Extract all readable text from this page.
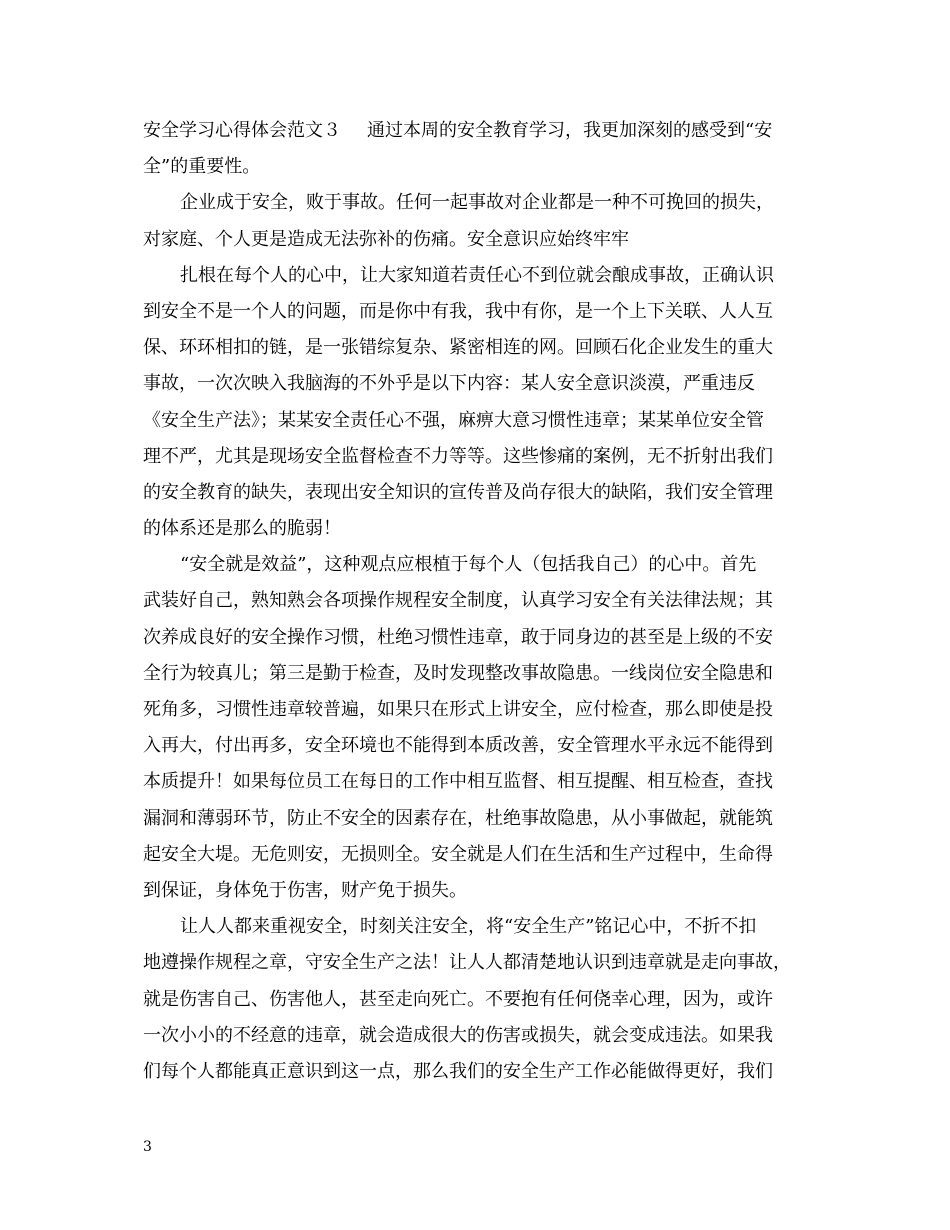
安全学习心得体会范文３ 通过本周的安全教育学习，我更加深刻的感受到“安
全”的重要性。
企业成于安全，败于事故。任何一起事故对企业都是一种不可挽回的损失，
对家庭、个人更是造成无法弥补的伤痛。安全意识应始终牢牢
扎根在每个人的心中，让大家知道若责任心不到位就会酿成事故，正确认识
到安全不是一个人的问题，而是你中有我，我中有你，是一个上下关联、人人互
保、环环相扣的链，是一张错综复杂、紧密相连的网。回顾石化企业发生的重大
事故，一次次映入我脑海的不外乎是以下内容：某人安全意识淡漠，严重违反
《安全生产法》；某某安全责任心不强，麻痹大意习惯性违章；某某单位安全管
理不严，尤其是现场安全监督检查不力等等。这些惨痛的案例，无不折射出我们
的安全教育的缺失，表现出安全知识的宣传普及尚存很大的缺陷，我们安全管理
的体系还是那么的脆弱！
“安全就是效益”，这种观点应根植于每个人（包括我自己）的心中。首先
武装好自己，熟知熟会各项操作规程安全制度，认真学习安全有关法律法规；其
次养成良好的安全操作习惯，杜绝习惯性违章，敢于同身边的甚至是上级的不安
全行为较真儿；第三是勤于检查，及时发现整改事故隐患。一线岗位安全隐患和
死角多，习惯性违章较普遍，如果只在形式上讲安全，应付检查，那么即使是投
入再大，付出再多，安全环境也不能得到本质改善，安全管理水平永远不能得到
本质提升！如果每位员工在每日的工作中相互监督、相互提醒、相互检查，查找
漏洞和薄弱环节，防止不安全的因素存在，杜绝事故隐患，从小事做起，就能筑
起安全大堤。无危则安，无损则全。安全就是人们在生活和生产过程中，生命得
到保证，身体免于伤害，财产免于损失。
让人人都来重视安全，时刻关注安全，将“安全生产”铭记心中，不折不扣
地遵操作规程之章，守安全生产之法！让人人都清楚地认识到违章就是走向事故，
就是伤害自己、伤害他人，甚至走向死亡。不要抱有任何侥幸心理，因为，或许
一次小小的不经意的违章，就会造成很大的伤害或损失，就会变成违法。如果我
们每个人都能真正意识到这一点，那么我们的安全生产工作必能做得更好，我们
3
